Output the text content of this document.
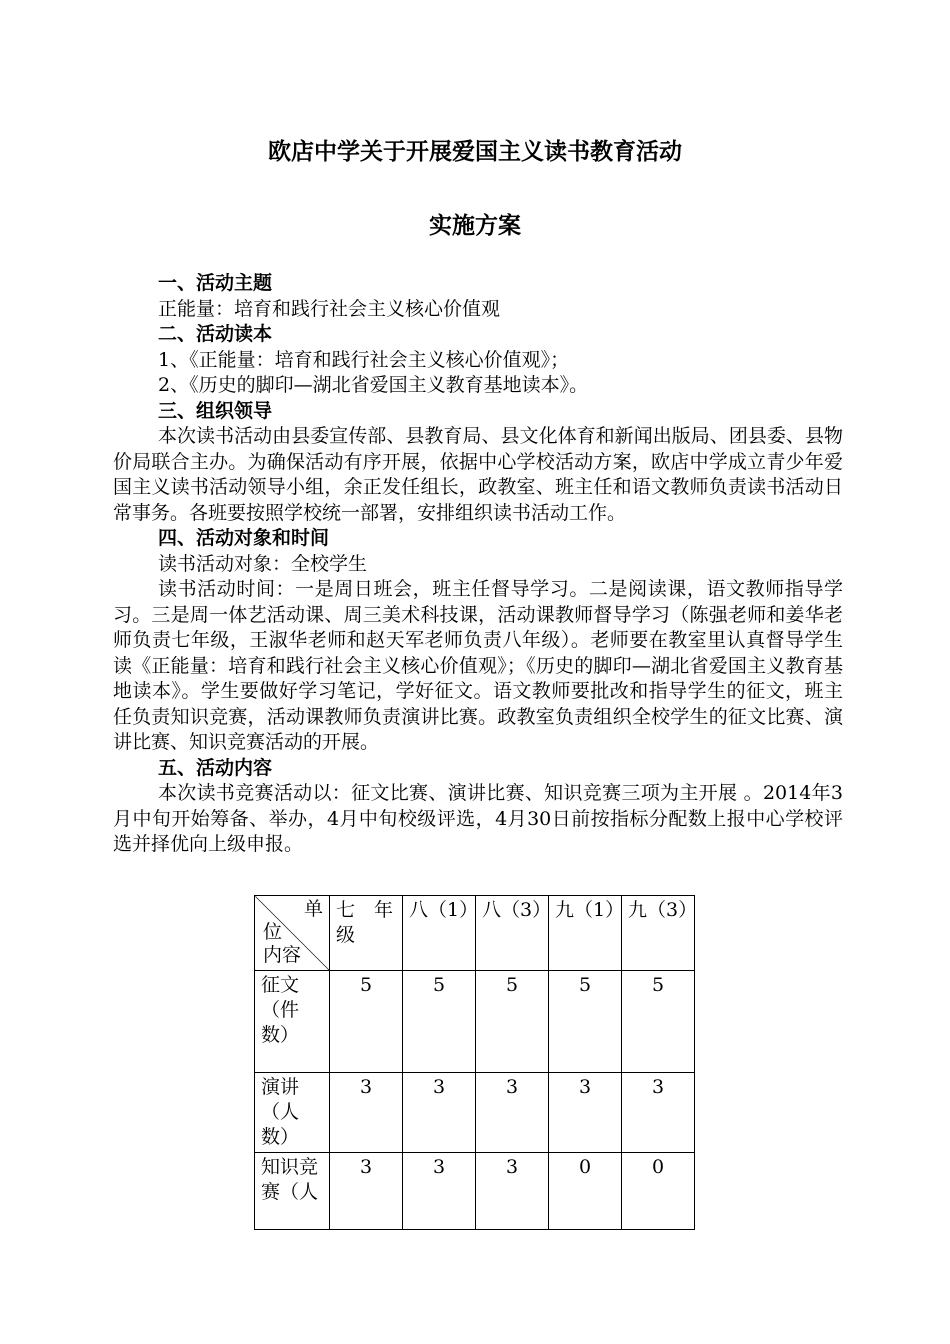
欧店中学关于开展爱国主义读书教育活动
实施方案
一、活动主题
正能量：培育和践行社会主义核心价值观
二、活动读本
1、《正能量：培育和践行社会主义核心价值观》；
2、《历史的脚印—湖北省爱国主义教育基地读本》。
三、组织领导
本次读书活动由县委宣传部、县教育局、县文化体育和新闻出版局、团县委、县物价局联合主办。为确保活动有序开展，依据中心学校活动方案，欧店中学成立青少年爱国主义读书活动领导小组，余正发任组长，政教室、班主任和语文教师负责读书活动日常事务。各班要按照学校统一部署，安排组织读书活动工作。
四、活动对象和时间
读书活动对象：全校学生
读书活动时间：一是周日班会，班主任督导学习。二是阅读课，语文教师指导学习。三是周一体艺活动课、周三美术科技课，活动课教师督导学习（陈强老师和姜华老师负责七年级，王淑华老师和赵天军老师负责八年级）。老师要在教室里认真督导学生读《正能量：培育和践行社会主义核心价值观》；《历史的脚印—湖北省爱国主义教育基地读本》。学生要做好学习笔记，学好征文。语文教师要批改和指导学生的征文，班主任负责知识竞赛，活动课教师负责演讲比赛。政教室负责组织全校学生的征文比赛、演讲比赛、知识竞赛活动的开展。
五、活动内容
本次读书竞赛活动以：征文比赛、演讲比赛、知识竞赛三项为主开展 。2014年3月中旬开始筹备、举办，4月中旬校级评选，4月30日前按指标分配数上报中心学校评选并择优向上级申报。
单
位
内容	七　年级	八（1）	八（3）	九（1）	九（3）
征文（件数）	5	5	5	5	5
演讲（人数）	3	3	3	3	3
知识竞赛（人	3	3	3	0	0
